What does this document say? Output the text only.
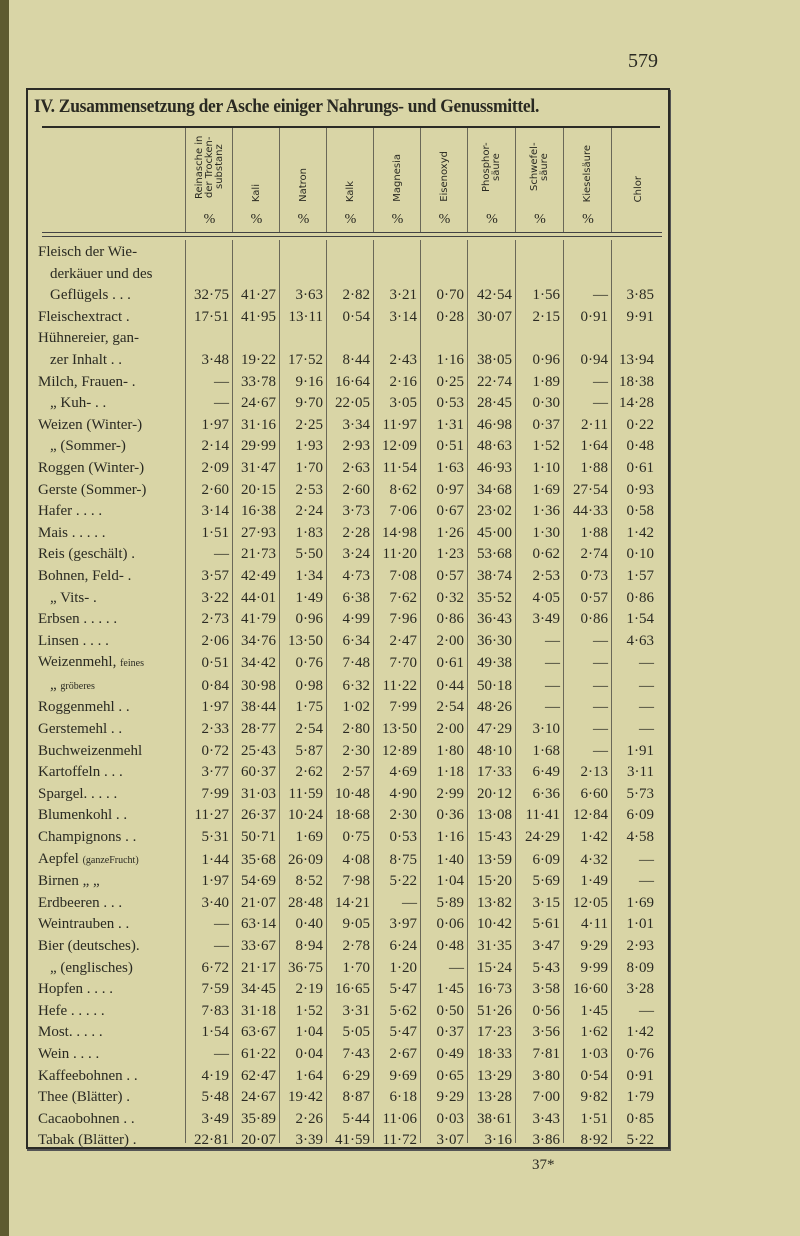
579
IV. Zusammensetzung der Asche einiger Nahrungs- und Genussmittel.
Reinasche in der Trocken-substanz
%
Kali
%
Natron
%
Kalk
%
Magnesia
%
Eisenoxyd
%
Phosphor-säure
%
Schwefel-säure
%
Kieselsäure
%
Chlor
Fleisch der Wie-
derkäuer und des
Geflügels . . .	32·75 41·27	3·63	2·82	3·21	0·70 42·54	1·56	—	3·85
Fleischextract .	17·51 41·95 13·11	0·54	3·14	0·28 30·07	2·15	0·91	9·91
Hühnereier, gan-
zer Inhalt . .	3·48 19·22 17·52	8·44	2·43	1·16 38·05	0·96	0·94 13·94
Milch, Frauen- .	— 33·78	9·16 16·64	2·16	0·25 22·74	1·89	— 18·38
„ Kuh- . .	— 24·67	9·70 22·05	3·05	0·53 28·45	0·30	— 14·28
Weizen (Winter-)	1·97 31·16	2·25	3·34 11·97	1·31 46·98	0·37	2·11	0·22
„ (Sommer-)	2·14 29·99	1·93	2·93 12·09	0·51 48·63	1·52	1·64	0·48
Roggen (Winter-)	2·09 31·47	1·70	2·63 11·54	1·63 46·93	1·10	1·88	0·61
Gerste (Sommer-)	2·60 20·15	2·53	2·60	8·62	0·97 34·68	1·69 27·54	0·93
Hafer . . . .	3·14 16·38	2·24	3·73	7·06	0·67 23·02	1·36 44·33	0·58
Mais . . . . .	1·51 27·93	1·83	2·28 14·98	1·26 45·00	1·30	1·88	1·42
Reis (geschält) .	— 21·73	5·50	3·24 11·20	1·23 53·68	0·62	2·74	0·10
Bohnen, Feld- .	3·57 42·49	1·34	4·73	7·08	0·57 38·74	2·53	0·73	1·57
„ Vits- .	3·22 44·01	1·49	6·38	7·62	0·32 35·52	4·05	0·57	0·86
Erbsen . . . . .	2·73 41·79	0·96	4·99	7·96	0·86 36·43	3·49	0·86	1·54
Linsen . . . .	2·06 34·76 13·50	6·34	2·47	2·00 36·30	—	—	4·63
Weizenmehl, feines	0·51 34·42	0·76	7·48	7·70	0·61 49·38	—	—	—
„ gröberes	0·84 30·98	0·98	6·32 11·22	0·44 50·18	—	—	—
Roggenmehl . .	1·97 38·44	1·75	1·02	7·99	2·54 48·26	—	—	—
Gerstemehl . .	2·33 28·77	2·54	2·80 13·50	2·00 47·29	3·10	—	—
Buchweizenmehl	0·72 25·43	5·87	2·30 12·89	1·80 48·10	1·68	—	1·91
Kartoffeln . . .	3·77 60·37	2·62	2·57	4·69	1·18 17·33	6·49	2·13	3·11
Spargel. . . . .	7·99 31·03 11·59 10·48	4·90	2·99 20·12	6·36	6·60	5·73
Blumenkohl . .	11·27 26·37 10·24 18·68	2·30	0·36 13·08 11·41 12·84	6·09
Champignons . .	5·31 50·71	1·69	0·75	0·53	1·16 15·43 24·29	1·42	4·58
Aepfel (ganzeFrucht)	1·44 35·68 26·09	4·08	8·75	1·40 13·59	6·09	4·32	—
Birnen „ „	1·97 54·69	8·52	7·98	5·22	1·04 15·20	5·69	1·49	—
Erdbeeren . . .	3·40 21·07 28·48 14·21	—	5·89 13·82	3·15 12·05	1·69
Weintrauben . .	— 63·14	0·40	9·05	3·97	0·06 10·42	5·61	4·11	1·01
Bier (deutsches).	— 33·67	8·94	2·78	6·24	0·48 31·35	3·47	9·29	2·93
„ (englisches)	6·72 21·17 36·75	1·70	1·20	— 15·24	5·43	9·99	8·09
Hopfen . . . .	7·59 34·45	2·19 16·65	5·47	1·45 16·73	3·58 16·60	3·28
Hefe . . . . .	7·83 31·18	1·52	3·31	5·62	0·50 51·26	0·56	1·45	—
Most. . . . .	1·54 63·67	1·04	5·05	5·47	0·37 17·23	3·56	1·62	1·42
Wein . . . .	— 61·22	0·04	7·43	2·67	0·49 18·33	7·81	1·03	0·76
Kaffeebohnen . .	4·19 62·47	1·64	6·29	9·69	0·65 13·29	3·80	0·54	0·91
Thee (Blätter) .	5·48 24·67 19·42	8·87	6·18	9·29 13·28	7·00	9·82	1·79
Cacaobohnen . .	3·49 35·89	2·26	5·44 11·06	0·03 38·61	3·43	1·51	0·85
Tabak (Blätter) .	22·81 20·07	3·39 41·59 11·72	3·07	3·16	3·86	8·92	5·22
37*
